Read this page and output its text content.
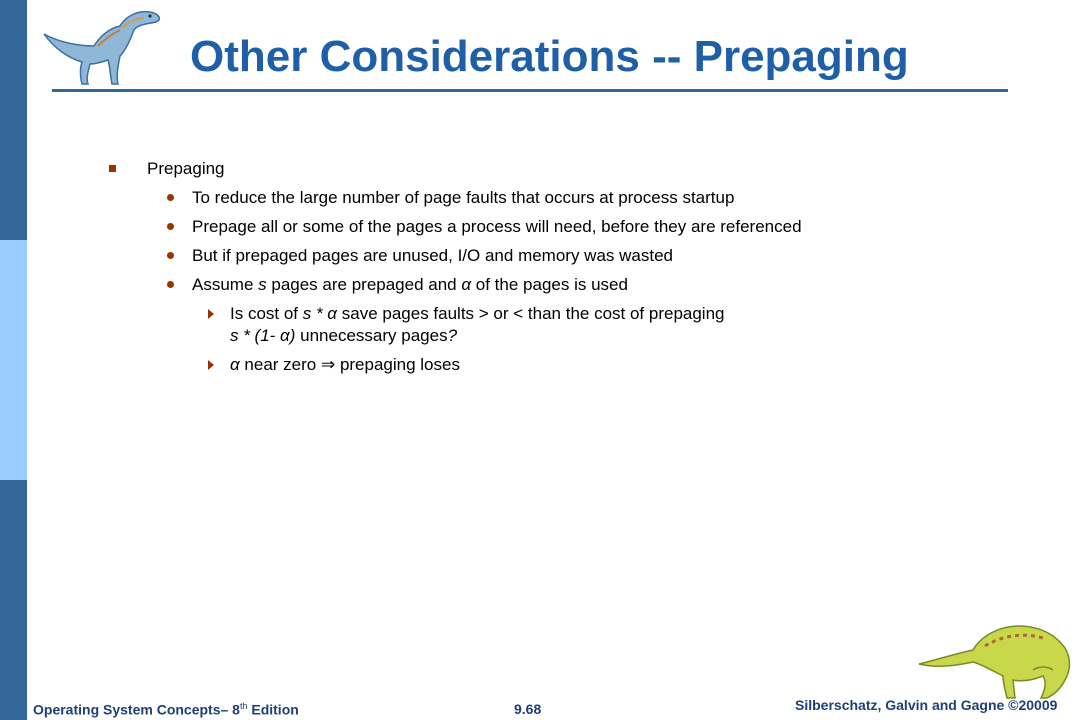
Other Considerations -- Prepaging
Prepaging
To reduce the large number of page faults that occurs at process startup
Prepage all or some of the pages a process will need, before they are referenced
But if prepaged pages are unused, I/O and memory was wasted
Assume s pages are prepaged and α of the pages is used
Is cost of s * α save pages faults > or < than the cost of prepaging
s * (1- α) unnecessary pages?
α near zero ⇒ prepaging loses
Operating System Concepts– 8th Edition	9.68	Silberschatz, Galvin and Gagne ©20009
